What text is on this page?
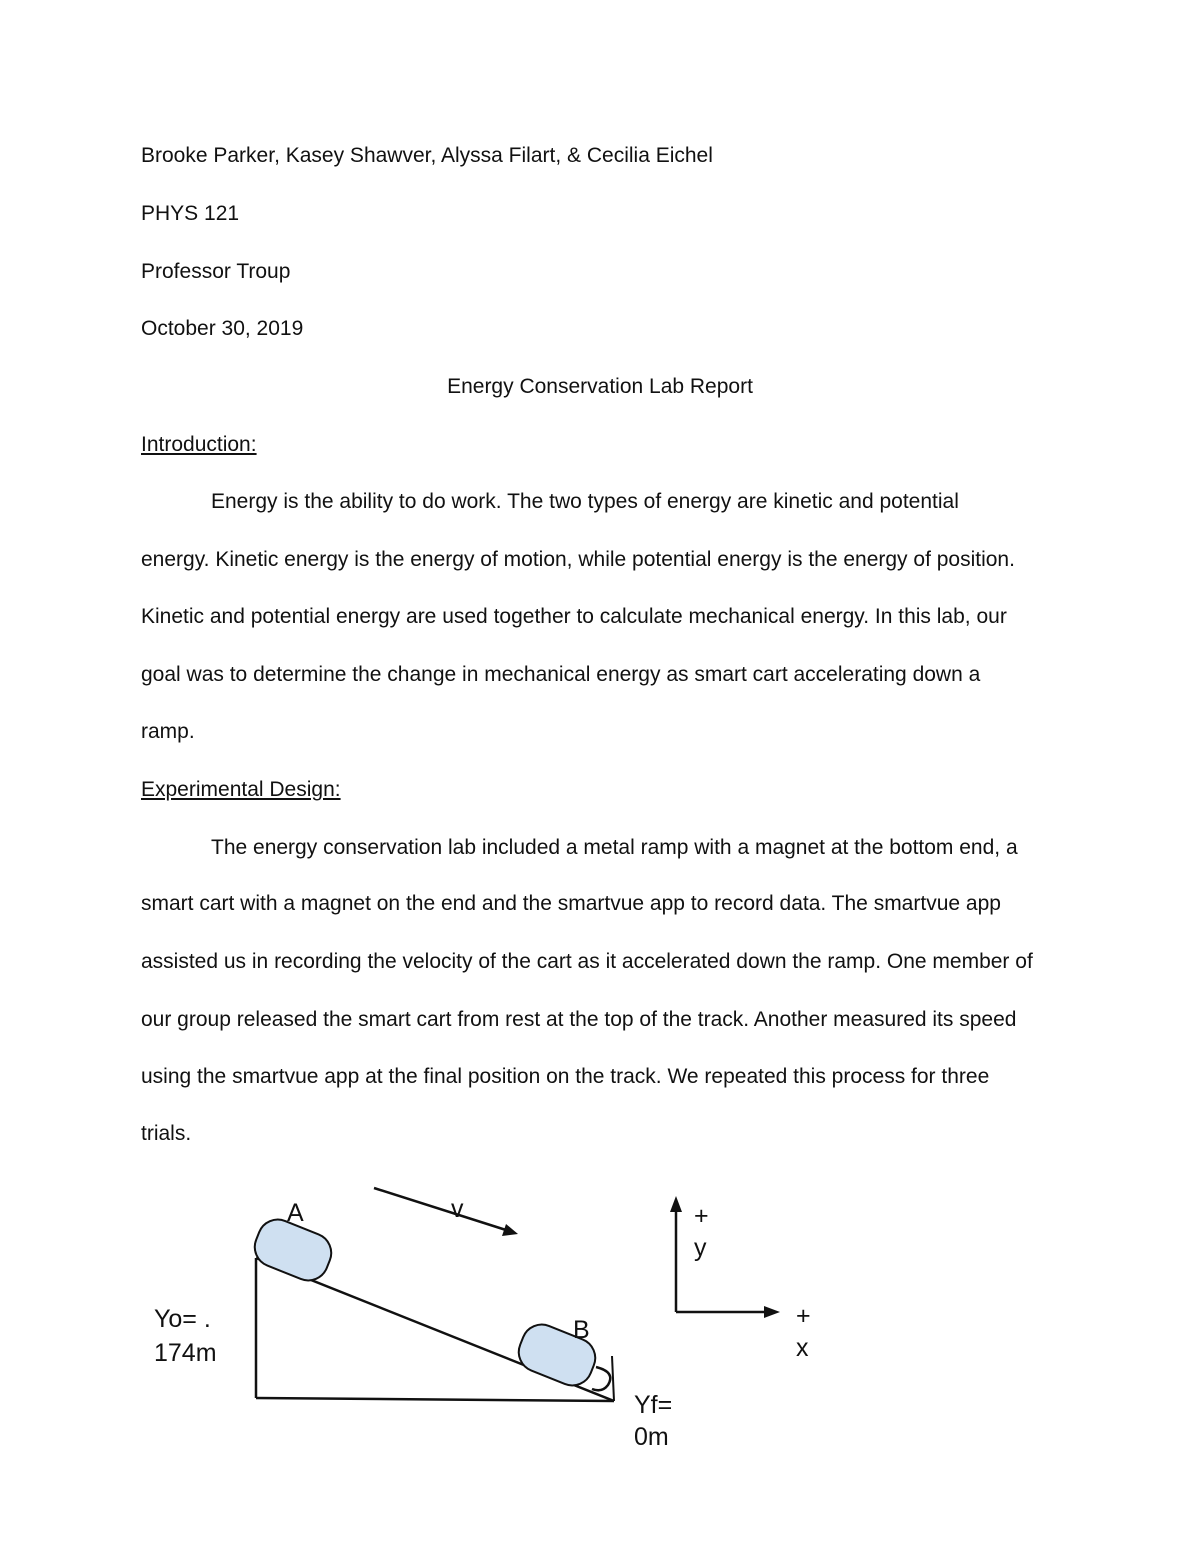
Brooke Parker, Kasey Shawver, Alyssa Filart, & Cecilia Eichel
PHYS 121
Professor Troup
October 30, 2019
Energy Conservation Lab Report
Introduction:
Energy is the ability to do work. The two types of energy are kinetic and potential
energy. Kinetic energy is the energy of motion, while potential energy is the energy of position.
Kinetic and potential energy are used together to calculate mechanical energy. In this lab, our
goal was to determine the change in mechanical energy as smart cart accelerating down a
ramp.
Experimental Design:
The energy conservation lab included a metal ramp with a magnet at the bottom end, a
smart cart with a magnet on the end and the smartvue app to record data. The smartvue app
assisted us in recording the velocity of the cart as it accelerated down the ramp. One member of
our group released the smart cart from rest at the top of the track. Another measured its speed
using the smartvue app at the final position on the track. We repeated this process for three
trials.
v
A
B
Yo= .
174m
Yf=
0m
+
y
+
x
